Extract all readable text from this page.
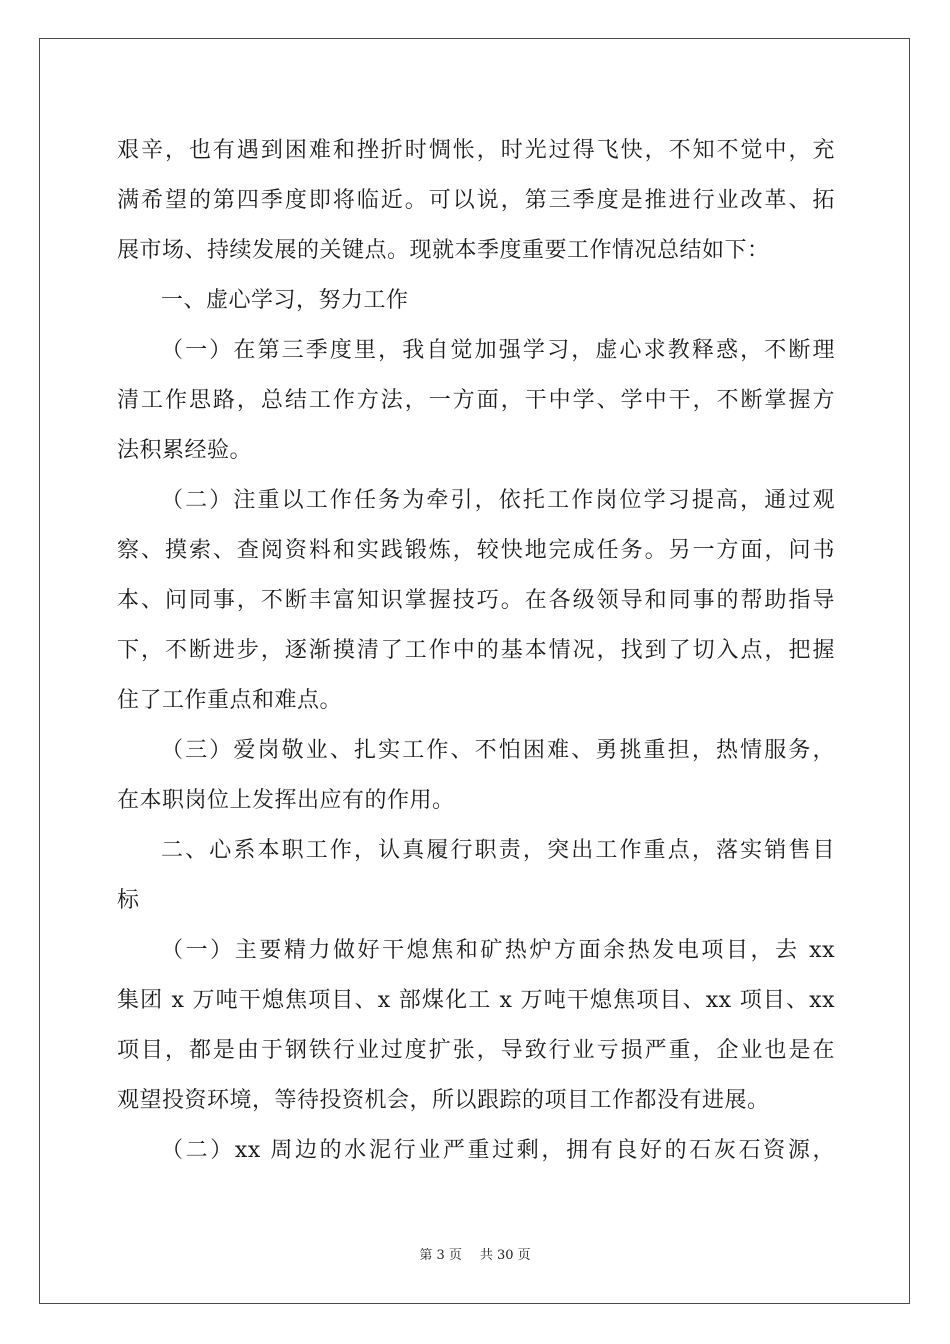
艰辛，也有遇到困难和挫折时惆怅，时光过得飞快，不知不觉中，充
满希望的第四季度即将临近。可以说，第三季度是推进行业改革、拓
展市场、持续发展的关键点。现就本季度重要工作情况总结如下：
一、虚心学习，努力工作
（一）在第三季度里，我自觉加强学习，虚心求教释惑，不断理
清工作思路，总结工作方法，一方面，干中学、学中干，不断掌握方
法积累经验。
（二）注重以工作任务为牵引，依托工作岗位学习提高，通过观
察、摸索、查阅资料和实践锻炼，较快地完成任务。另一方面，问书
本、问同事，不断丰富知识掌握技巧。在各级领导和同事的帮助指导
下，不断进步，逐渐摸清了工作中的基本情况，找到了切入点，把握
住了工作重点和难点。
（三）爱岗敬业、扎实工作、不怕困难、勇挑重担，热情服务，
在本职岗位上发挥出应有的作用。
二、心系本职工作，认真履行职责，突出工作重点，落实销售目
标
（一）主要精力做好干熄焦和矿热炉方面余热发电项目，去 xx
集团 x 万吨干熄焦项目、x 部煤化工 x 万吨干熄焦项目、xx 项目、xx
项目，都是由于钢铁行业过度扩张，导致行业亏损严重，企业也是在
观望投资环境，等待投资机会，所以跟踪的项目工作都没有进展。
（二）xx 周边的水泥行业严重过剩，拥有良好的石灰石资源，
第 3 页 共 30 页
